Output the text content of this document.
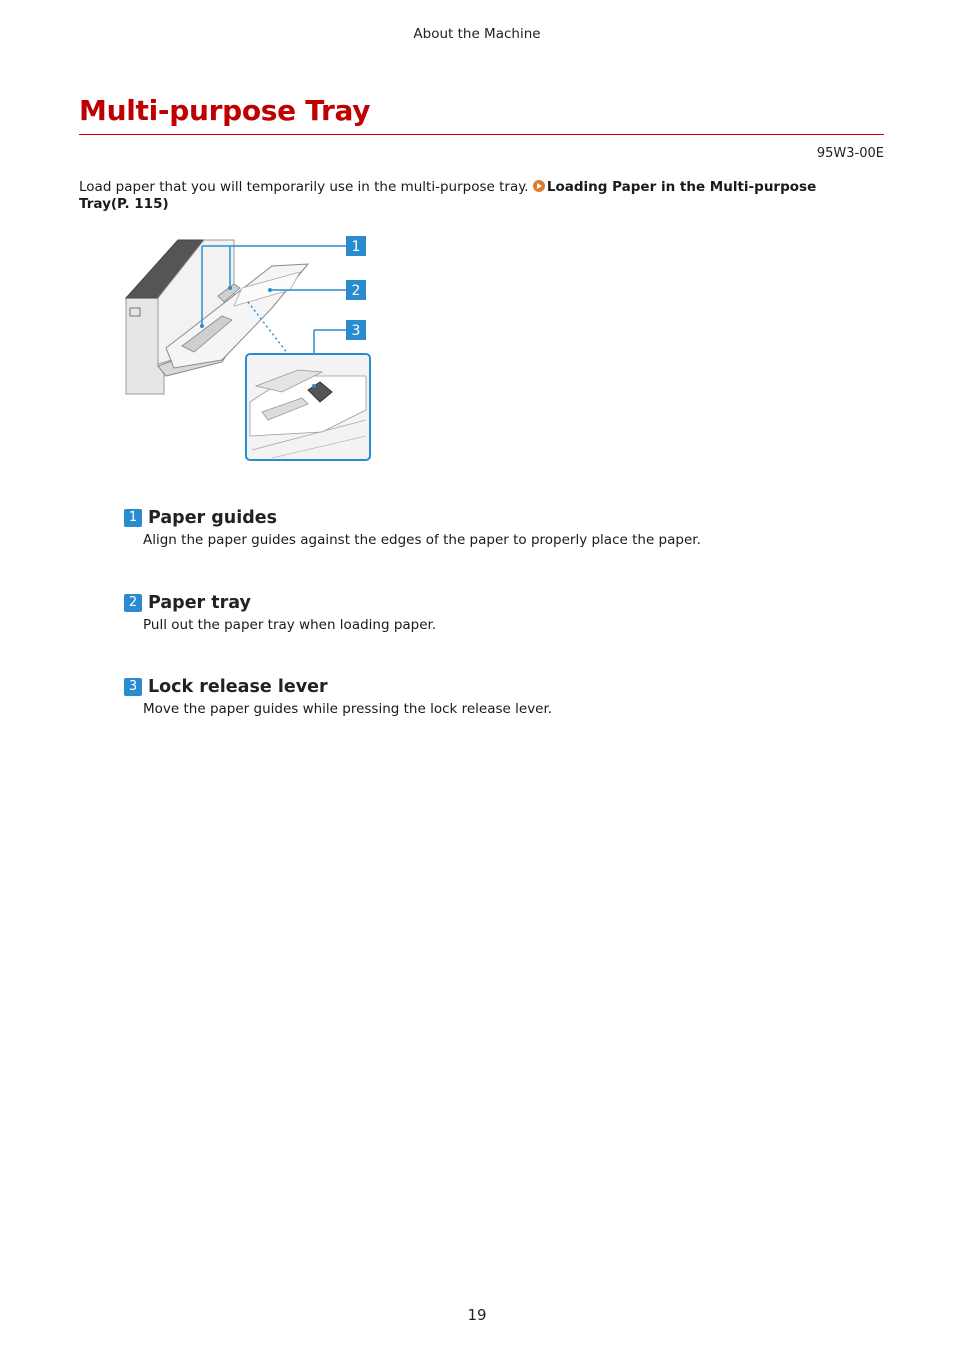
About the Machine
Multi-purpose Tray
95W3-00E
Load paper that you will temporarily use in the multi-purpose tray. Loading Paper in the Multi-purpose Tray(P. 115)
1
2
3
1 Paper guides
Align the paper guides against the edges of the paper to properly place the paper.
2 Paper tray
Pull out the paper tray when loading paper.
3 Lock release lever
Move the paper guides while pressing the lock release lever.
19
